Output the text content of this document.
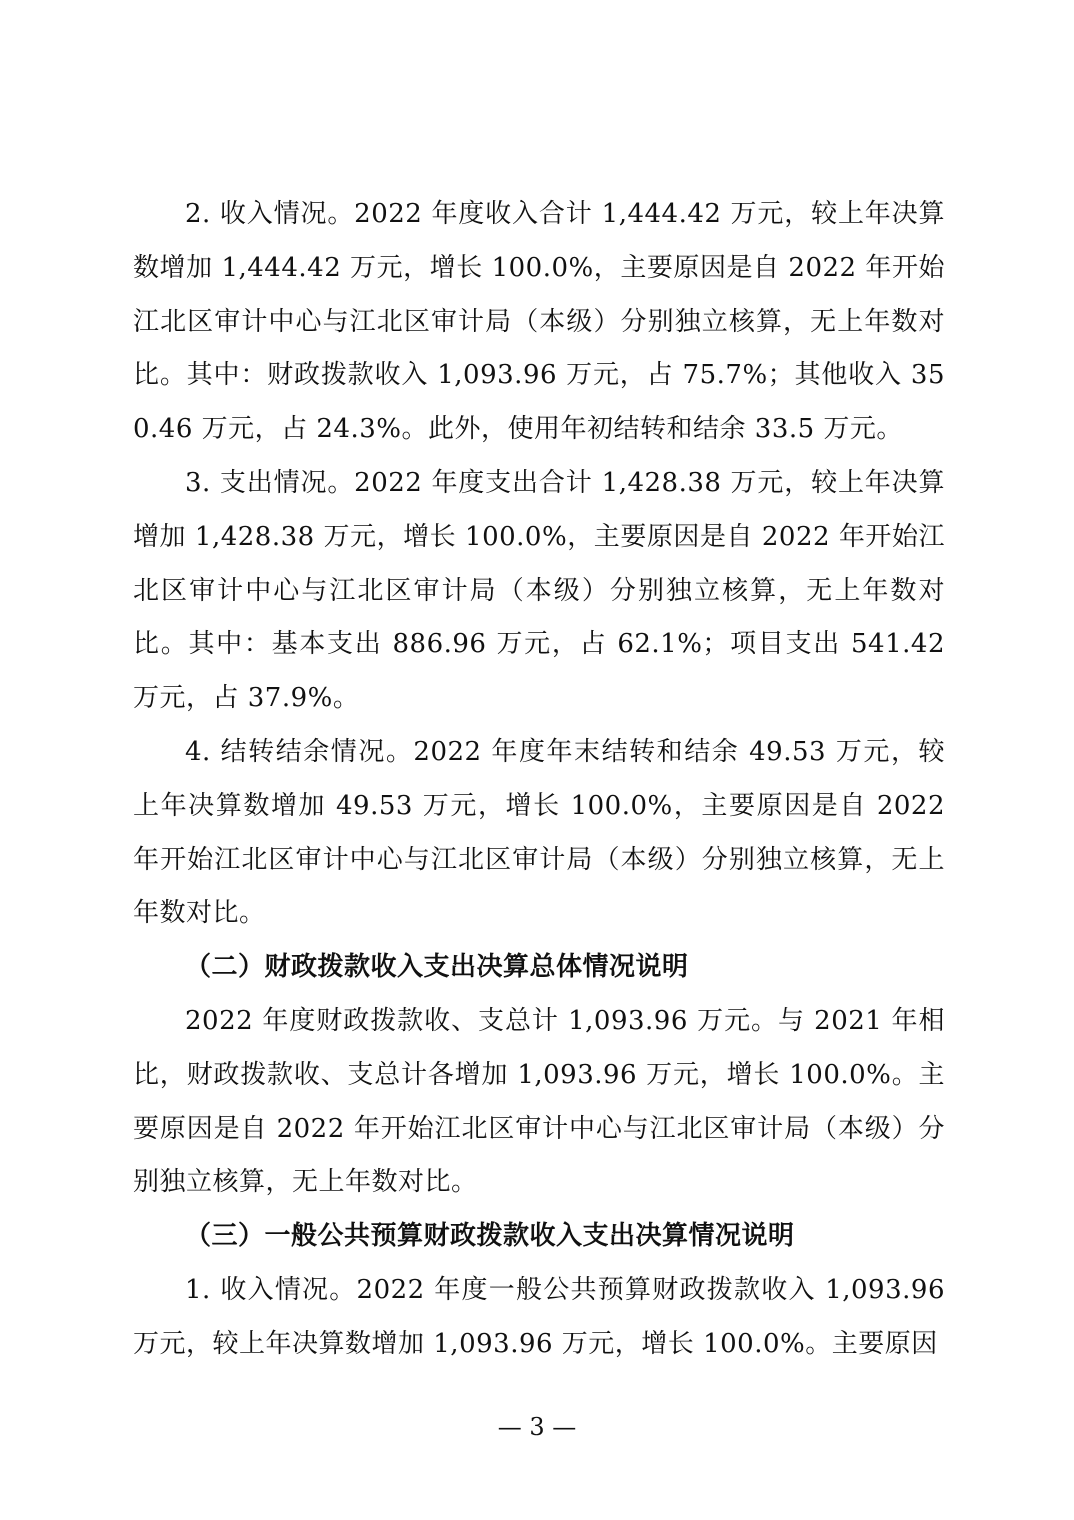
2. 收入情况。2022 年度收入合计 1,444.42 万元，较上年决算数增加 1,444.42 万元，增长 100.0%，主要原因是自 2022 年开始江北区审计中心与江北区审计局（本级）分别独立核算，无上年数对比。其中：财政拨款收入 1,093.96 万元，占 75.7%；其他收入 350.46 万元，占 24.3%。此外，使用年初结转和结余 33.5 万元。

3. 支出情况。2022 年度支出合计 1,428.38 万元，较上年决算增加 1,428.38 万元，增长 100.0%，主要原因是自 2022 年开始江北区审计中心与江北区审计局（本级）分别独立核算，无上年数对比。其中：基本支出 886.96 万元，占 62.1%；项目支出 541.42 万元，占 37.9%。

4. 结转结余情况。2022 年度年末结转和结余 49.53 万元，较上年决算数增加 49.53 万元，增长 100.0%，主要原因是自 2022 年开始江北区审计中心与江北区审计局（本级）分别独立核算，无上年数对比。

（二）财政拨款收入支出决算总体情况说明

2022 年度财政拨款收、支总计 1,093.96 万元。与 2021 年相比，财政拨款收、支总计各增加 1,093.96 万元，增长 100.0%。主要原因是自 2022 年开始江北区审计中心与江北区审计局（本级）分别独立核算，无上年数对比。

（三）一般公共预算财政拨款收入支出决算情况说明

1. 收入情况。2022 年度一般公共预算财政拨款收入 1,093.96 万元，较上年决算数增加 1,093.96 万元，增长 100.0%。主要原因

— 3 —
